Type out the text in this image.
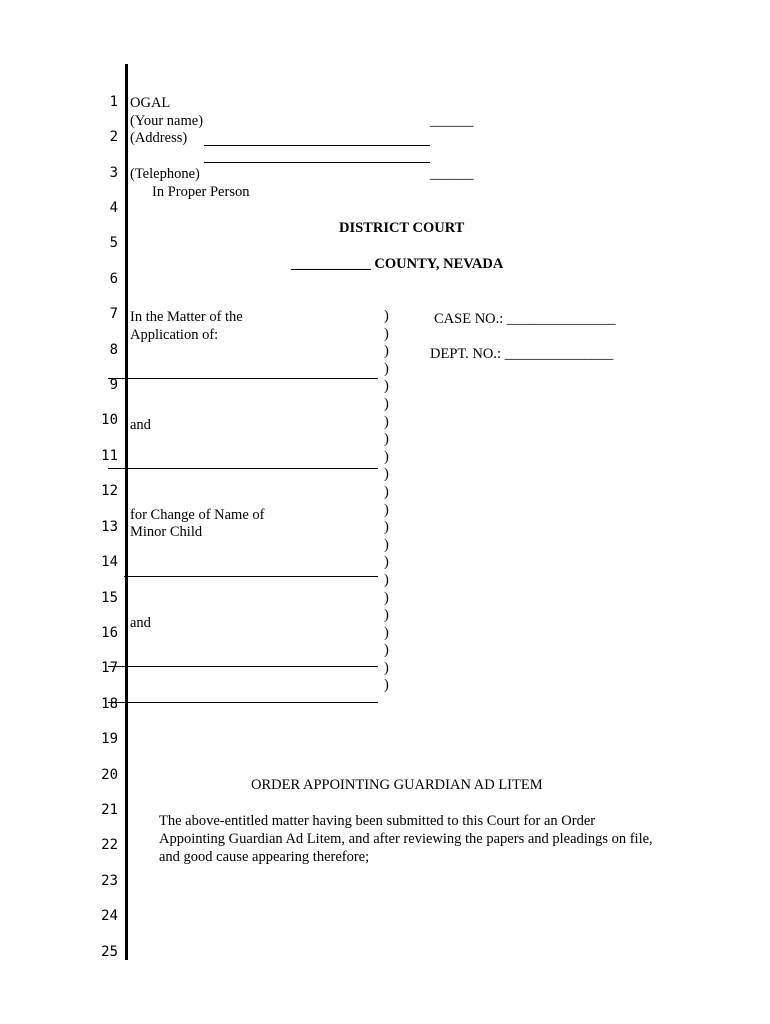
1
2
3
4
5
6
7
8
9
10
11
12
13
14
15
16
17
18
19
20
21
22
23
24
25
OGAL
(Your name)	______
(Address)
(Telephone)	______
In Proper Person
DISTRICT COURT
___________ COUNTY, NEVADA
In the Matter of the
Application of:
and
for Change of Name of
Minor Child
and
)
)
)
)
)
)
)
)
)
)
)
)
)
)
)
)
)
)
)
)
)
)
CASE NO.: _______________
DEPT. NO.: _______________
ORDER APPOINTING GUARDIAN AD LITEM
The above-entitled matter having been submitted to this Court for an Order
Appointing Guardian Ad Litem, and after reviewing the papers and pleadings on file,
and good cause appearing therefore;
